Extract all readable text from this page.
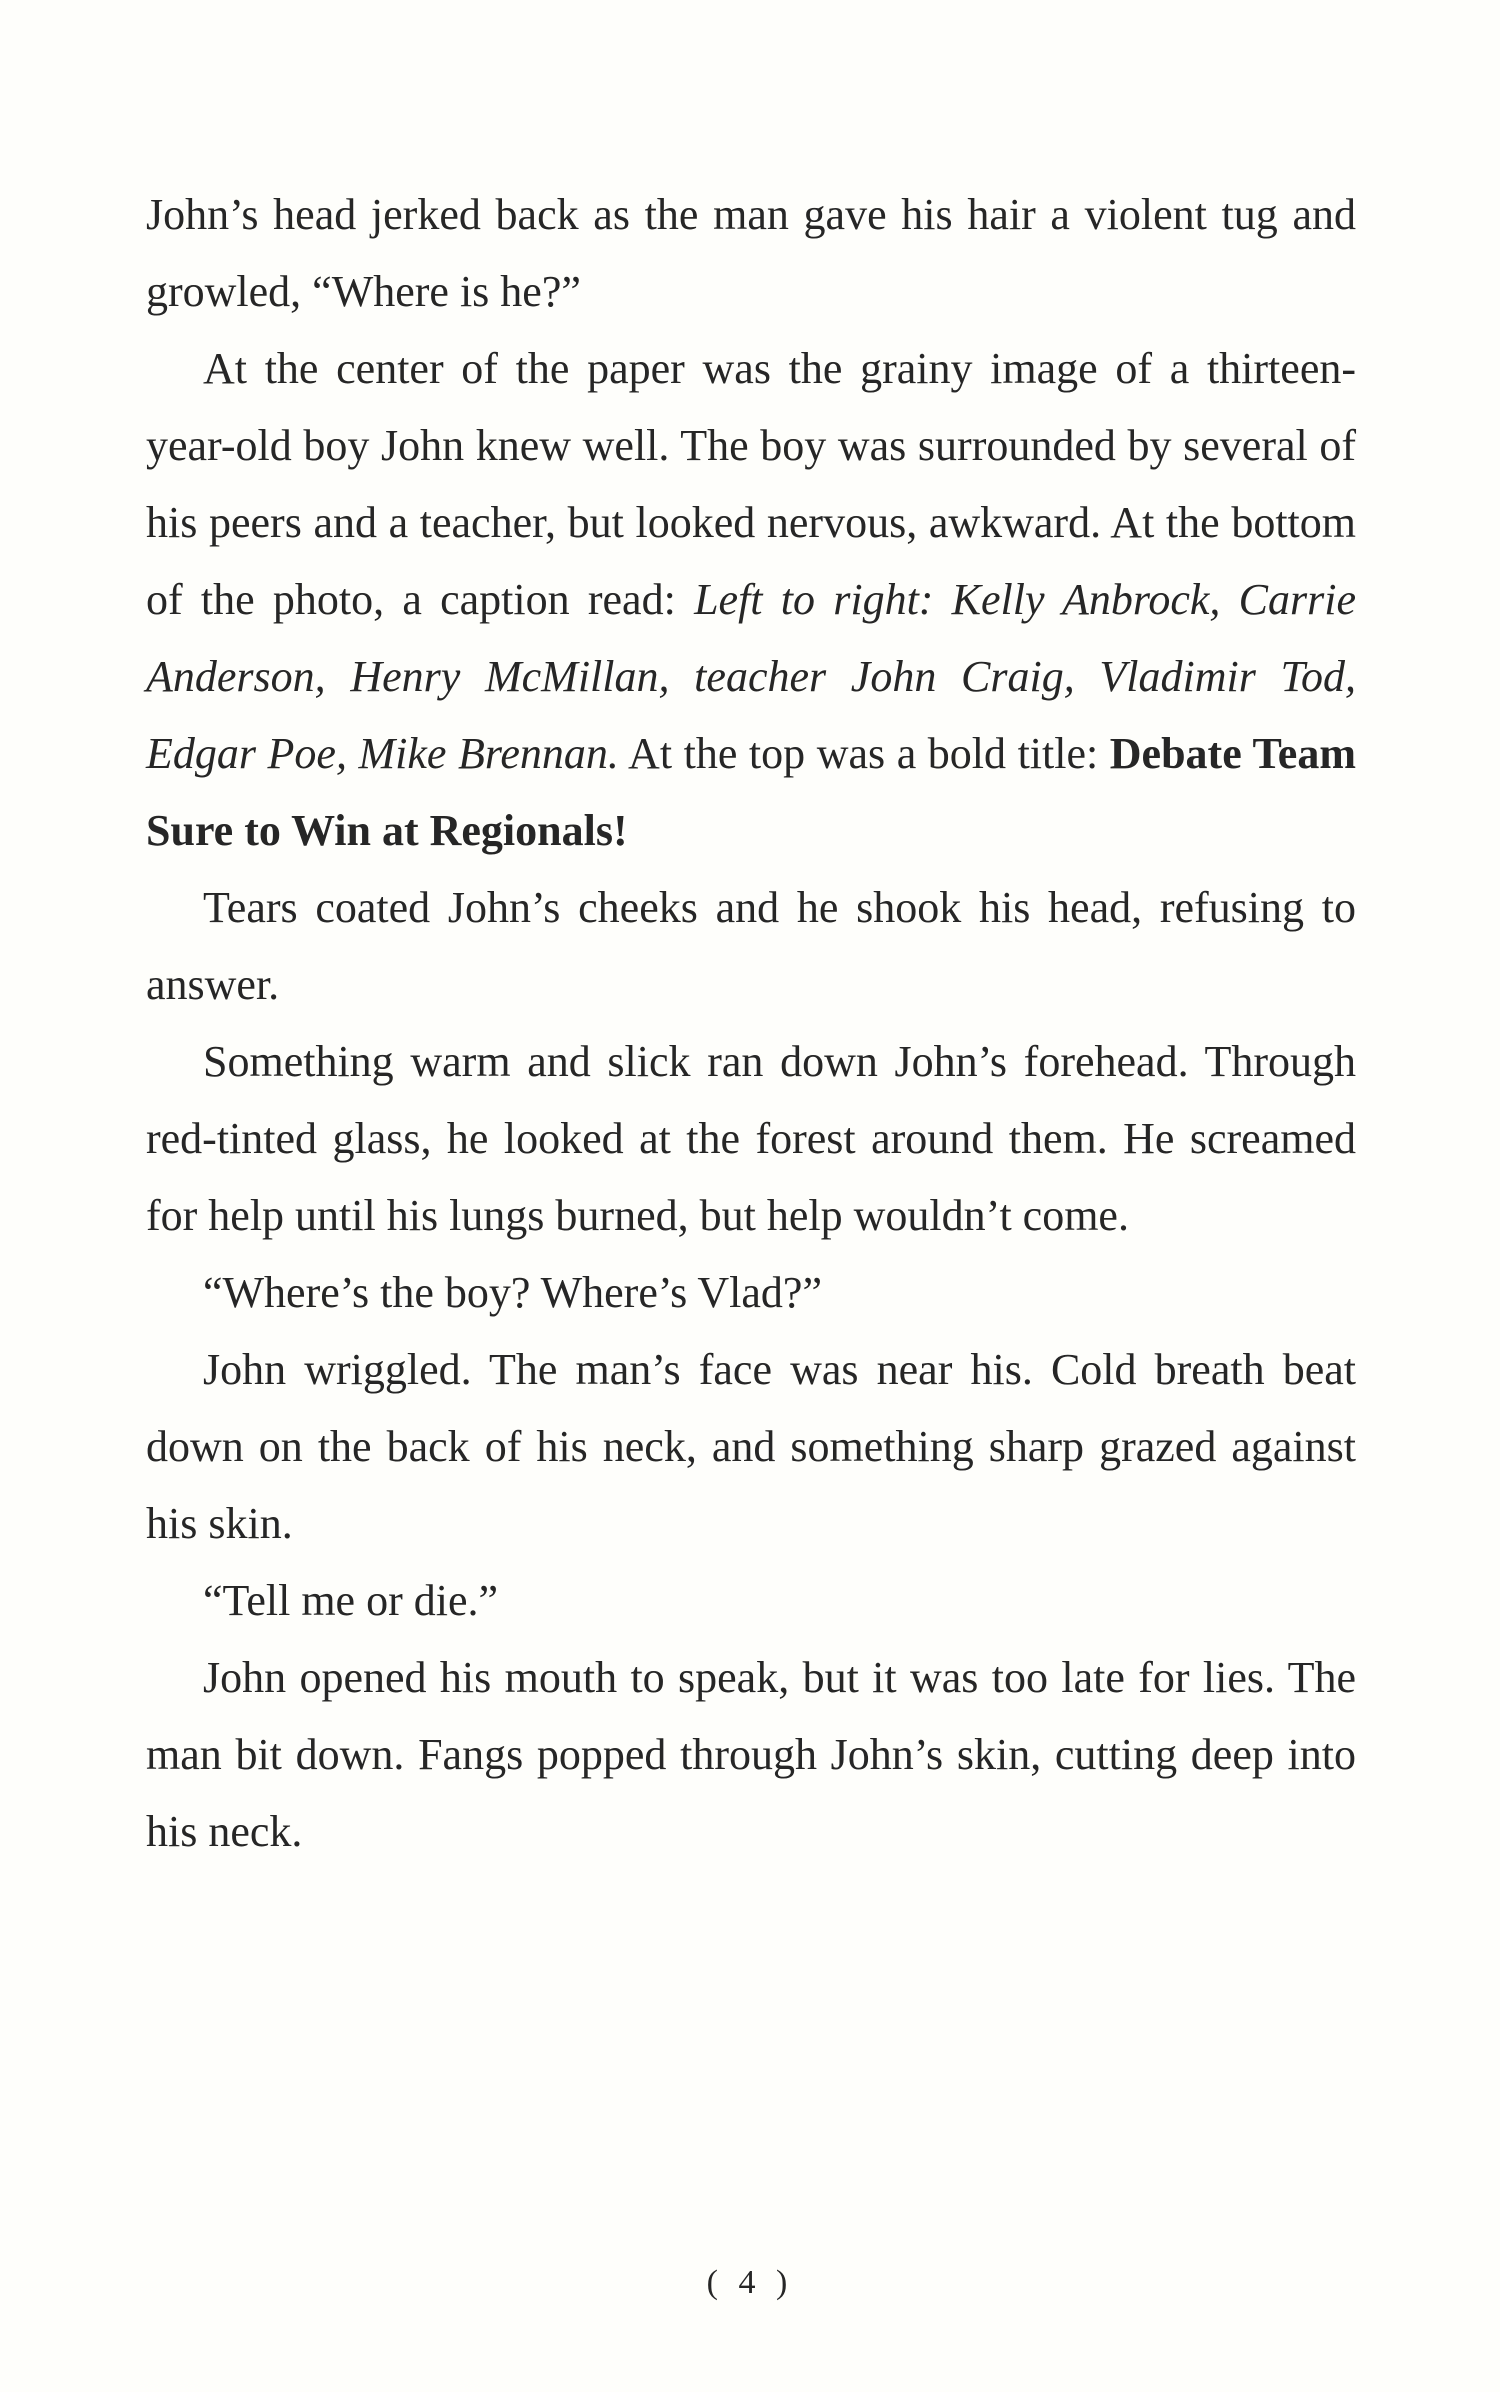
John’s head jerked back as the man gave his hair a violent tug and growled, “Where is he?”

At the center of the paper was the grainy image of a thirteen-year-old boy John knew well. The boy was surrounded by several of his peers and a teacher, but looked nervous, awkward. At the bottom of the photo, a caption read: Left to right: Kelly Anbrock, Carrie Anderson, Henry McMillan, teacher John Craig, Vladimir Tod, Edgar Poe, Mike Brennan. At the top was a bold title: Debate Team Sure to Win at Regionals!

Tears coated John’s cheeks and he shook his head, refusing to answer.

Something warm and slick ran down John’s forehead. Through red-tinted glass, he looked at the forest around them. He screamed for help until his lungs burned, but help wouldn’t come.

“Where’s the boy? Where’s Vlad?”

John wriggled. The man’s face was near his. Cold breath beat down on the back of his neck, and something sharp grazed against his skin.

“Tell me or die.”

John opened his mouth to speak, but it was too late for lies. The man bit down. Fangs popped through John’s skin, cutting deep into his neck.

( 4 )
